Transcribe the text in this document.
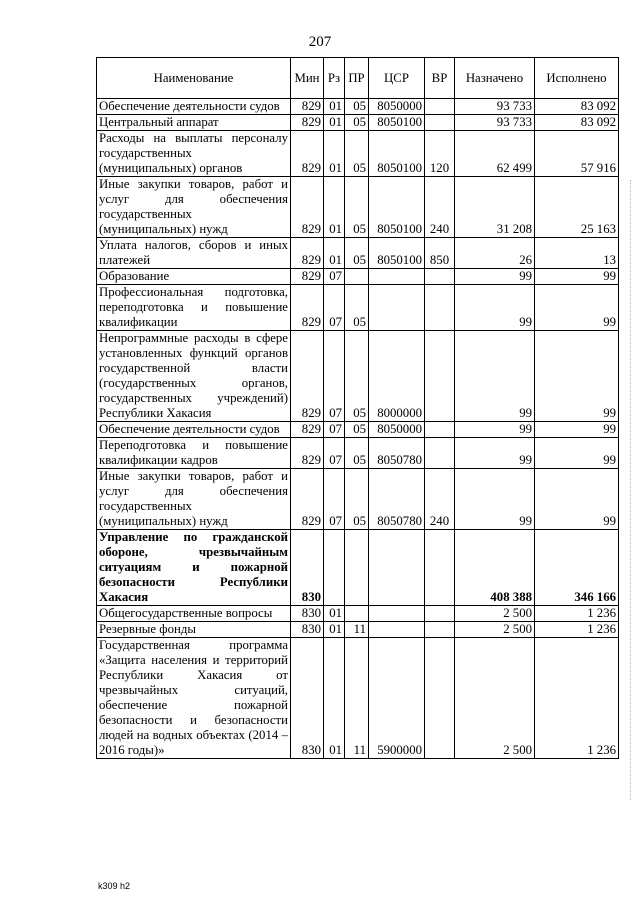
207
Наименование	Мин	Рз	ПР	ЦСР	ВР	Назначено	Исполнено
Обеспечение деятельности судов	829	01	05	8050000		93 733	83 092
Центральный аппарат	829	01	05	8050100		93 733	83 092
Расходы на выплаты персоналу государственных (муниципальных) органов	829	01	05	8050100	120	62 499	57 916
Иные закупки товаров, работ и услуг для обеспечения государственных (муниципальных) нужд	829	01	05	8050100	240	31 208	25 163
Уплата налогов, сборов и иных платежей	829	01	05	8050100	850	26	13
Образование	829	07				99	99
Профессиональная подготовка, переподготовка и повышение квалификации	829	07	05			99	99
Непрограммные расходы в сфере установленных функций органов государственной власти (государственных органов, государственных учреждений) Республики Хакасия	829	07	05	8000000		99	99
Обеспечение деятельности судов	829	07	05	8050000		99	99
Переподготовка и повышение квалификации кадров	829	07	05	8050780		99	99
Иные закупки товаров, работ и услуг для обеспечения государственных (муниципальных) нужд	829	07	05	8050780	240	99	99
Управление по гражданской обороне, чрезвычайным ситуациям и пожарной безопасности Республики Хакасия	830					408 388	346 166
Общегосударственные вопросы	830	01				2 500	1 236
Резервные фонды	830	01	11			2 500	1 236
Государственная программа «Защита населения и территорий Республики Хакасия от чрезвычайных ситуаций, обеспечение пожарной безопасности и безопасности людей на водных объектах (2014 – 2016 годы)»	830	01	11	5900000		2 500	1 236
k309 h2
